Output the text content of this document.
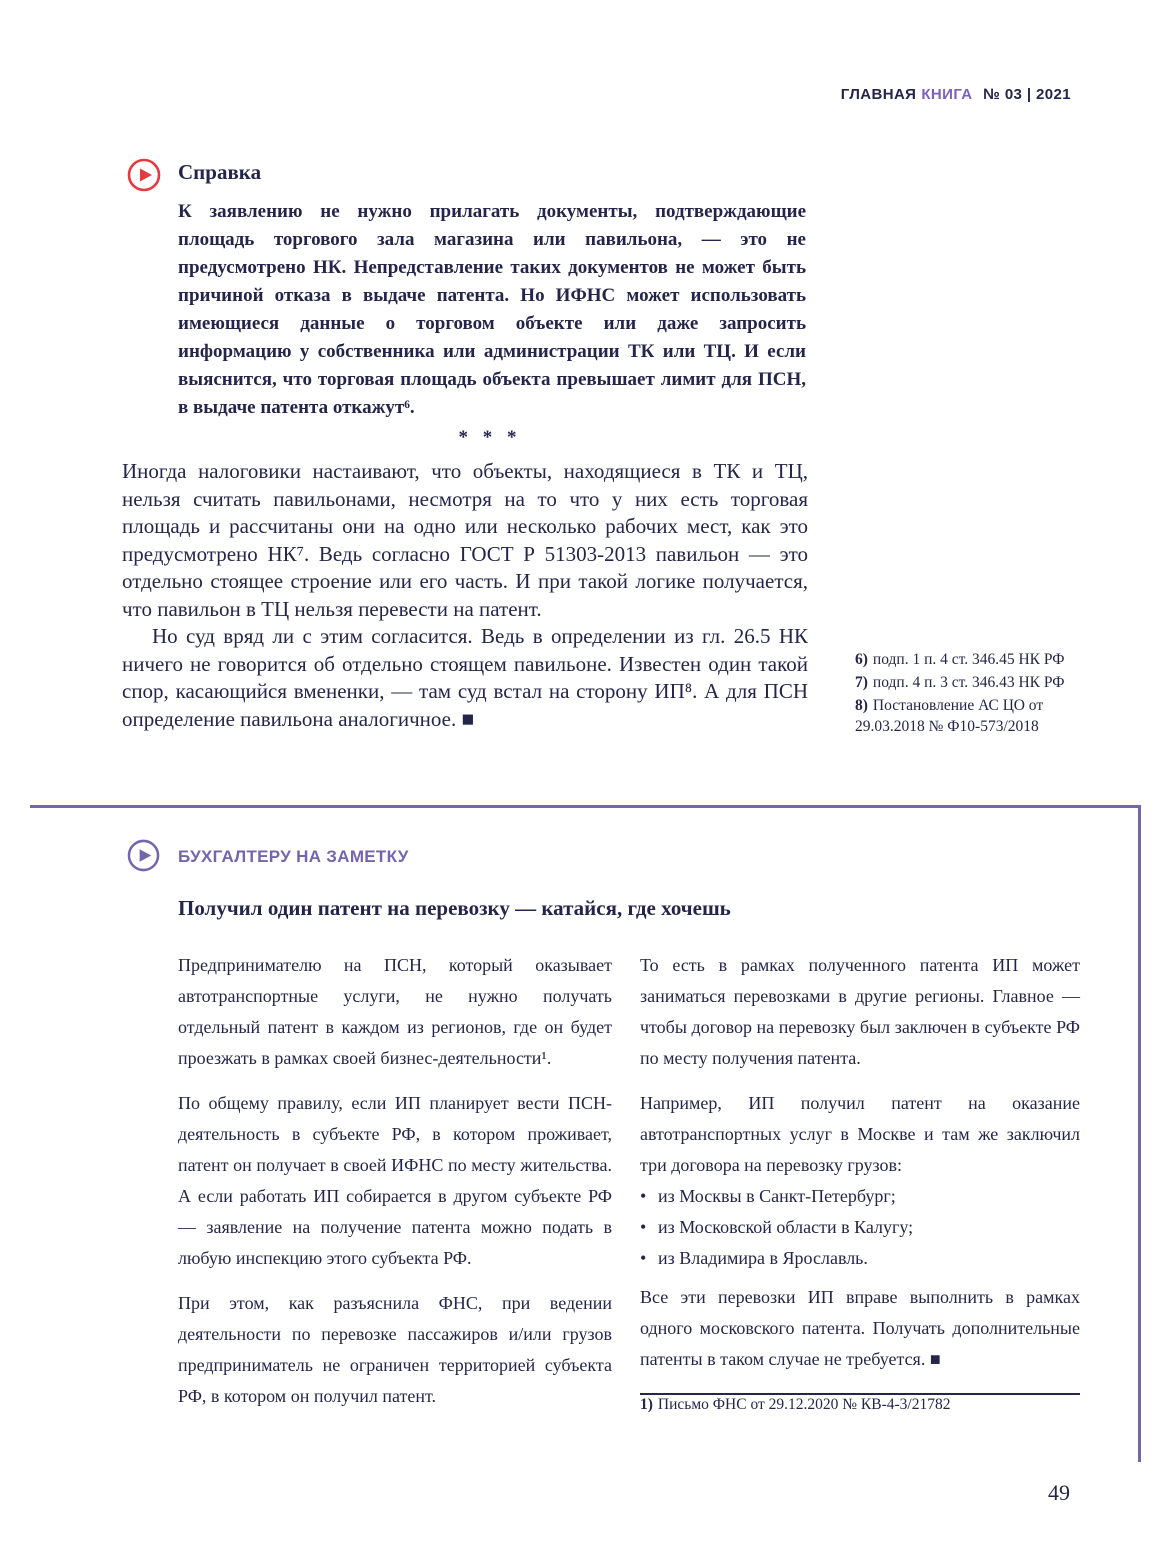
ГЛАВНАЯ КНИГА № 03 | 2021

Справка

К заявлению не нужно прилагать документы, подтверждающие площадь торгового зала магазина или павильона, — это не предусмотрено НК. Непредставление таких документов не может быть причиной отказа в выдаче патента. Но ИФНС может использовать имеющиеся данные о торговом объекте или даже запросить информацию у собственника или администрации ТК или ТЦ. И если выяснится, что торговая площадь объекта превышает лимит для ПСН, в выдаче патента откажут⁶.

* * *

Иногда налоговики настаивают, что объекты, находящиеся в ТК и ТЦ, нельзя считать павильонами, несмотря на то что у них есть торговая площадь и рассчитаны они на одно или несколько рабочих мест, как это предусмотрено НК⁷. Ведь согласно ГОСТ Р 51303-2013 павильон — это отдельно стоящее строение или его часть. И при такой логике получается, что павильон в ТЦ нельзя перевести на патент.

Но суд вряд ли с этим согласится. Ведь в определении из гл. 26.5 НК ничего не говорится об отдельно стоящем павильоне. Известен один такой спор, касающийся вмененки, — там суд встал на сторону ИП⁸. А для ПСН определение павильона аналогичное. ■

6) подп. 1 п. 4 ст. 346.45 НК РФ

7) подп. 4 п. 3 ст. 346.43 НК РФ

8) Постановление АС ЦО от 29.03.2018 № Ф10-573/2018

БУХГАЛТЕРУ НА ЗАМЕТКУ
Получил один патент на перевозку — катайся, где хочешь

Предпринимателю на ПСН, который оказывает автотранспортные услуги, не нужно получать отдельный патент в каждом из регионов, где он будет проезжать в рамках своей бизнес-деятельности¹.

По общему правилу, если ИП планирует вести ПСН-деятельность в субъекте РФ, в котором проживает, патент он получает в своей ИФНС по месту жительства. А если работать ИП собирается в другом субъекте РФ — заявление на получение патента можно подать в любую инспекцию этого субъекта РФ.

При этом, как разъяснила ФНС, при ведении деятельности по перевозке пассажиров и/или грузов предприниматель не ограничен территорией субъекта РФ, в котором он получил патент.

То есть в рамках полученного патента ИП может заниматься перевозками в другие регионы. Главное — чтобы договор на перевозку был заключен в субъекте РФ по месту получения патента.

Например, ИП получил патент на оказание автотранспортных услуг в Москве и там же заключил три договора на перевозку грузов:

• из Москвы в Санкт-Петербург;
• из Московской области в Калугу;
• из Владимира в Ярославль.

Все эти перевозки ИП вправе выполнить в рамках одного московского патента. Получать дополнительные патенты в таком случае не требуется. ■

1) Письмо ФНС от 29.12.2020 № КВ-4-3/21782

49
